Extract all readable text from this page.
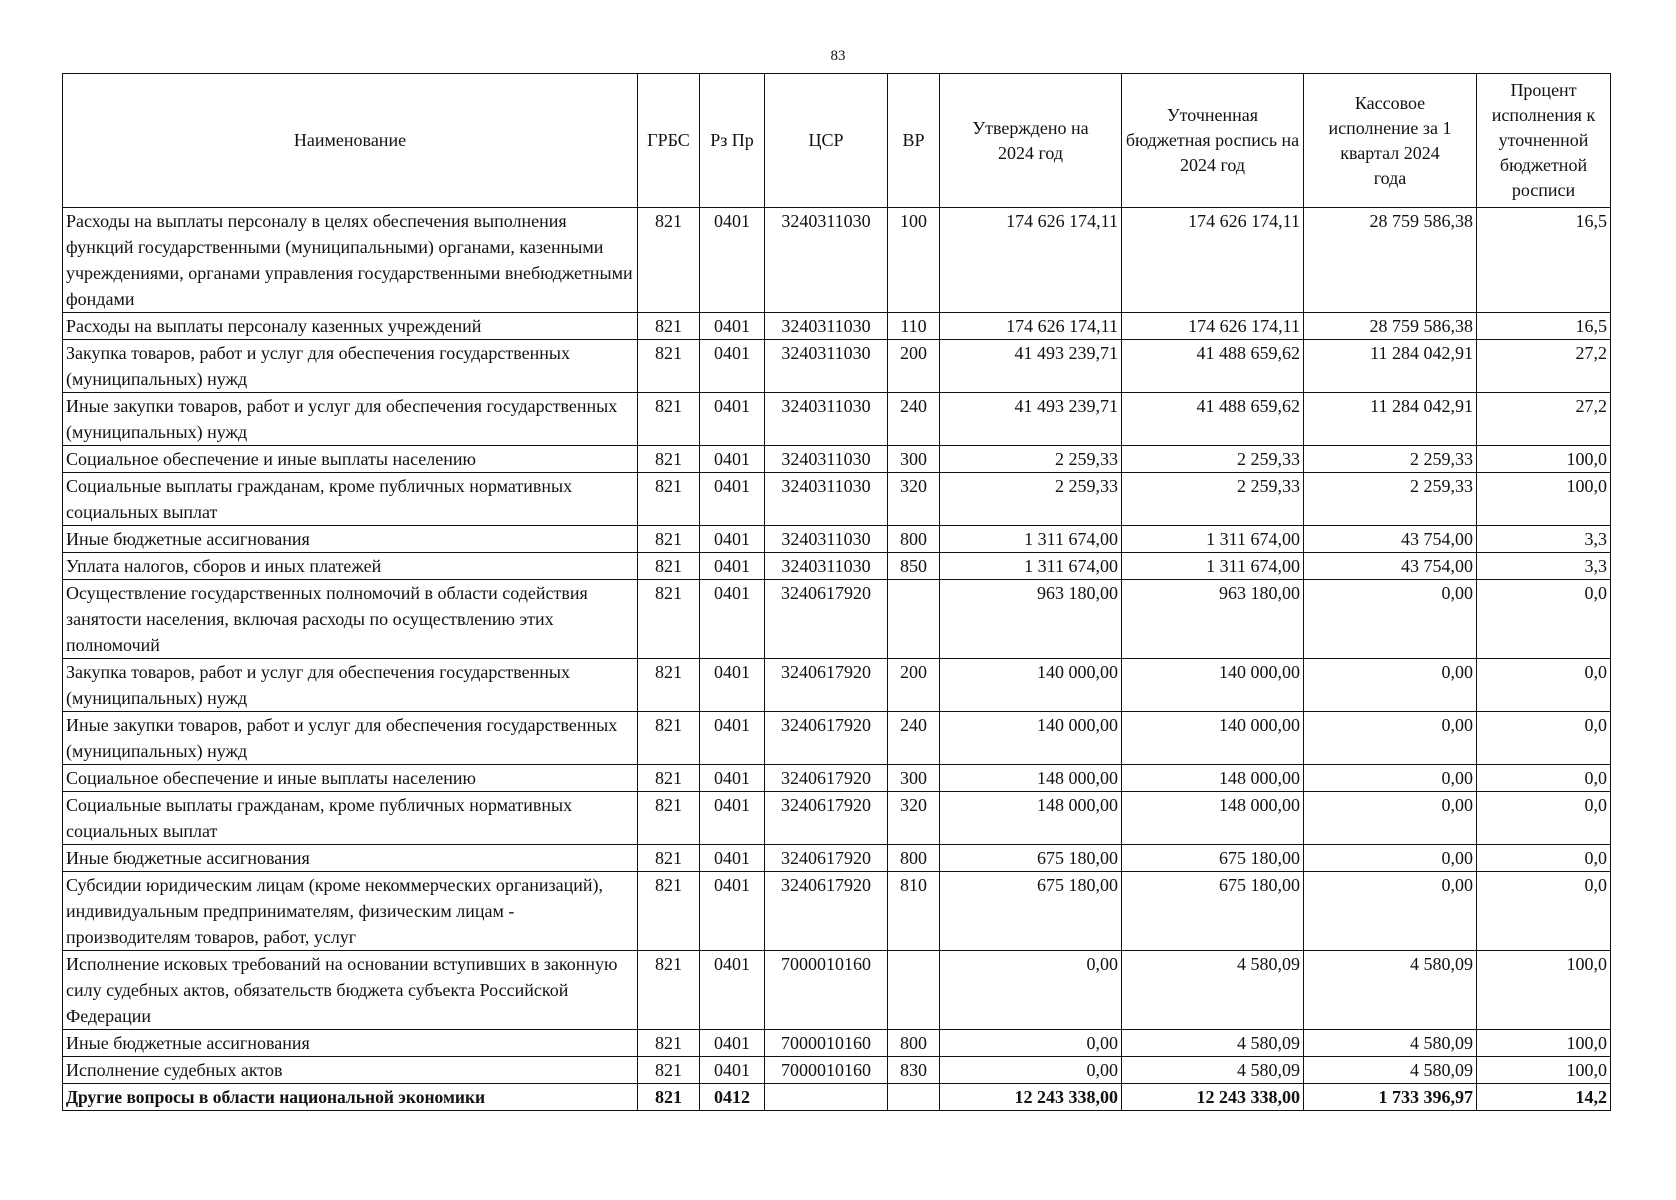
83
Наименование	ГРБС	Рз Пр	ЦСР	ВР	Утверждено на 2024 год	Уточненная бюджетная роспись на 2024 год	Кассовое исполнение за 1 квартал 2024 года	Процент исполнения к уточненной бюджетной росписи
Расходы на выплаты персоналу в целях обеспечения выполнения функций государственными (муниципальными) органами, казенными учреждениями, органами управления государственными внебюджетными фондами	821	0401	3240311030	100	174 626 174,11	174 626 174,11	28 759 586,38	16,5
Расходы на выплаты персоналу казенных учреждений	821	0401	3240311030	110	174 626 174,11	174 626 174,11	28 759 586,38	16,5
Закупка товаров, работ и услуг для обеспечения государственных (муниципальных) нужд	821	0401	3240311030	200	41 493 239,71	41 488 659,62	11 284 042,91	27,2
Иные закупки товаров, работ и услуг для обеспечения государственных (муниципальных) нужд	821	0401	3240311030	240	41 493 239,71	41 488 659,62	11 284 042,91	27,2
Социальное обеспечение и иные выплаты населению	821	0401	3240311030	300	2 259,33	2 259,33	2 259,33	100,0
Социальные выплаты гражданам, кроме публичных нормативных социальных выплат	821	0401	3240311030	320	2 259,33	2 259,33	2 259,33	100,0
Иные бюджетные ассигнования	821	0401	3240311030	800	1 311 674,00	1 311 674,00	43 754,00	3,3
Уплата налогов, сборов и иных платежей	821	0401	3240311030	850	1 311 674,00	1 311 674,00	43 754,00	3,3
Осуществление государственных полномочий в области содействия занятости населения, включая расходы по осуществлению этих полномочий	821	0401	3240617920		963 180,00	963 180,00	0,00	0,0
Закупка товаров, работ и услуг для обеспечения государственных (муниципальных) нужд	821	0401	3240617920	200	140 000,00	140 000,00	0,00	0,0
Иные закупки товаров, работ и услуг для обеспечения государственных (муниципальных) нужд	821	0401	3240617920	240	140 000,00	140 000,00	0,00	0,0
Социальное обеспечение и иные выплаты населению	821	0401	3240617920	300	148 000,00	148 000,00	0,00	0,0
Социальные выплаты гражданам, кроме публичных нормативных социальных выплат	821	0401	3240617920	320	148 000,00	148 000,00	0,00	0,0
Иные бюджетные ассигнования	821	0401	3240617920	800	675 180,00	675 180,00	0,00	0,0
Субсидии юридическим лицам (кроме некоммерческих организаций), индивидуальным предпринимателям, физическим лицам - производителям товаров, работ, услуг	821	0401	3240617920	810	675 180,00	675 180,00	0,00	0,0
Исполнение исковых требований на основании вступивших в законную силу судебных актов, обязательств бюджета субъекта Российской Федерации	821	0401	7000010160		0,00	4 580,09	4 580,09	100,0
Иные бюджетные ассигнования	821	0401	7000010160	800	0,00	4 580,09	4 580,09	100,0
Исполнение судебных актов	821	0401	7000010160	830	0,00	4 580,09	4 580,09	100,0
Другие вопросы в области национальной экономики	821	0412			12 243 338,00	12 243 338,00	1 733 396,97	14,2
